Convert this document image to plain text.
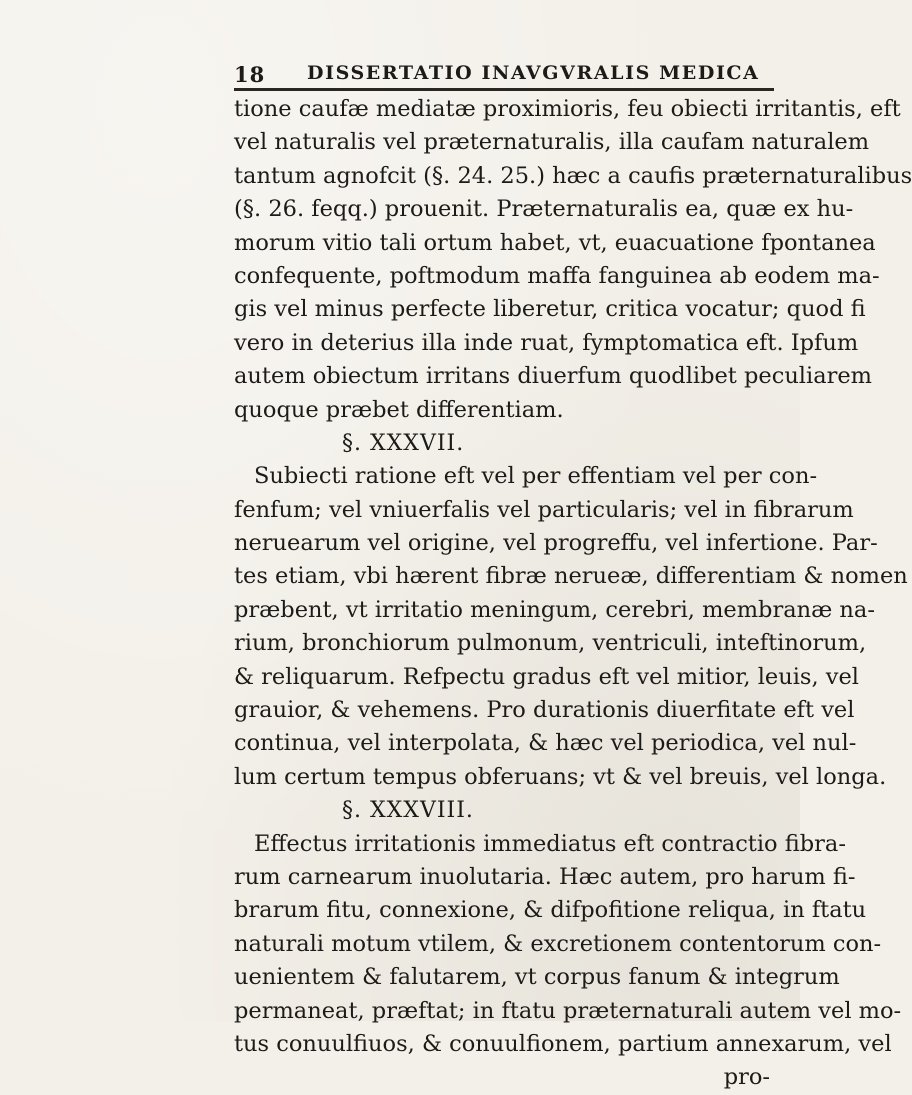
18 DISSERTATIO INAVGVRALIS MEDICA
tione caufæ mediatæ proximioris, feu obiecti irritantis, eft
vel naturalis vel præternaturalis, illa caufam naturalem
tantum agnofcit (§. 24. 25.) hæc a caufis præternaturalibus
(§. 26. feqq.) prouenit. Præternaturalis ea, quæ ex hu-
morum vitio tali ortum habet, vt, euacuatione fpontanea
confequente, poftmodum maffa fanguinea ab eodem ma-
gis vel minus perfecte liberetur, critica vocatur; quod fi
vero in deterius illa inde ruat, fymptomatica eft. Ipfum
autem obiectum irritans diuerfum quodlibet peculiarem
quoque præbet differentiam.
§. XXXVII.
Subiecti ratione eft vel per effentiam vel per con-
fenfum; vel vniuerfalis vel particularis; vel in fibrarum
neruearum vel origine, vel progreffu, vel infertione. Par-
tes etiam, vbi hærent fibræ nerueæ, differentiam & nomen
præbent, vt irritatio meningum, cerebri, membranæ na-
rium, bronchiorum pulmonum, ventriculi, inteftinorum,
& reliquarum. Refpectu gradus eft vel mitior, leuis, vel
grauior, & vehemens. Pro durationis diuerfitate eft vel
continua, vel interpolata, & hæc vel periodica, vel nul-
lum certum tempus obferuans; vt & vel breuis, vel longa.
§. XXXVIII.
Effectus irritationis immediatus eft contractio fibra-
rum carnearum inuolutaria. Hæc autem, pro harum fi-
brarum fitu, connexione, & difpofitione reliqua, in ftatu
naturali motum vtilem, & excretionem contentorum con-
uenientem & falutarem, vt corpus fanum & integrum
permaneat, præftat; in ftatu præternaturali autem vel mo-
tus conuulfiuos, & conuulfionem, partium annexarum, vel
pro-
